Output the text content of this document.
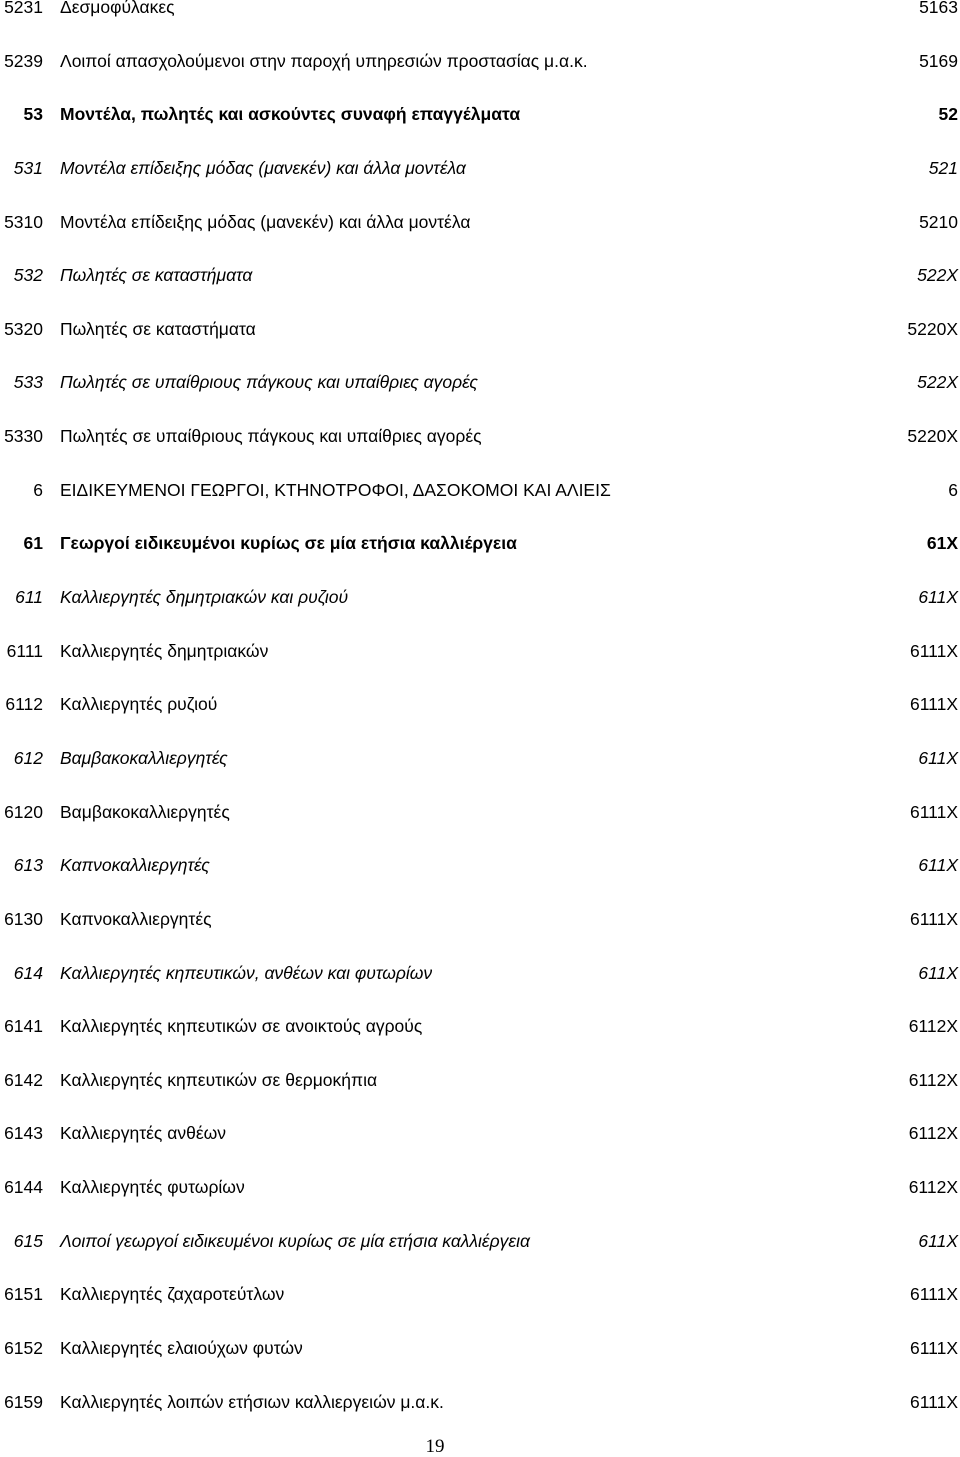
5231 Δεσμοφύλακες	5163
5239 Λοιποί απασχολούμενοι στην παροχή υπηρεσιών προστασίας μ.α.κ.	5169
53 Μοντέλα, πωλητές και ασκούντες συναφή επαγγέλματα	52
531 Μοντέλα επίδειξης μόδας (μανεκέν) και άλλα μοντέλα	521
5310 Μοντέλα επίδειξης μόδας (μανεκέν) και άλλα μοντέλα	5210
532 Πωλητές σε καταστήματα	522X
5320 Πωλητές σε καταστήματα	5220X
533 Πωλητές σε υπαίθριους πάγκους και υπαίθριες αγορές	522X
5330 Πωλητές σε υπαίθριους πάγκους και υπαίθριες αγορές	5220X
6 ΕΙΔΙΚΕΥΜΕΝΟΙ ΓΕΩΡΓΟΙ, ΚΤΗΝΟΤΡΟΦΟΙ, ΔΑΣΟΚΟΜΟΙ ΚΑΙ ΑΛΙΕΙΣ	6
61 Γεωργοί ειδικευμένοι κυρίως σε μία ετήσια καλλιέργεια	61X
611 Καλλιεργητές δημητριακών και ρυζιού	611X
6111 Καλλιεργητές δημητριακών	6111X
6112 Καλλιεργητές ρυζιού	6111X
612 Βαμβακοκαλλιεργητές	611X
6120 Βαμβακοκαλλιεργητές	6111X
613 Καπνοκαλλιεργητές	611X
6130 Καπνοκαλλιεργητές	6111X
614 Καλλιεργητές κηπευτικών, ανθέων και φυτωρίων	611X
6141 Καλλιεργητές κηπευτικών σε ανοικτούς αγρούς	6112X
6142 Καλλιεργητές κηπευτικών σε θερμοκήπια	6112X
6143 Καλλιεργητές ανθέων	6112X
6144 Καλλιεργητές φυτωρίων	6112X
615 Λοιποί γεωργοί ειδικευμένοι κυρίως σε μία ετήσια καλλιέργεια	611X
6151 Καλλιεργητές ζαχαροτεύτλων	6111X
6152 Καλλιεργητές ελαιούχων φυτών	6111X
6159 Καλλιεργητές λοιπών ετήσιων καλλιεργειών μ.α.κ.	6111X
19
